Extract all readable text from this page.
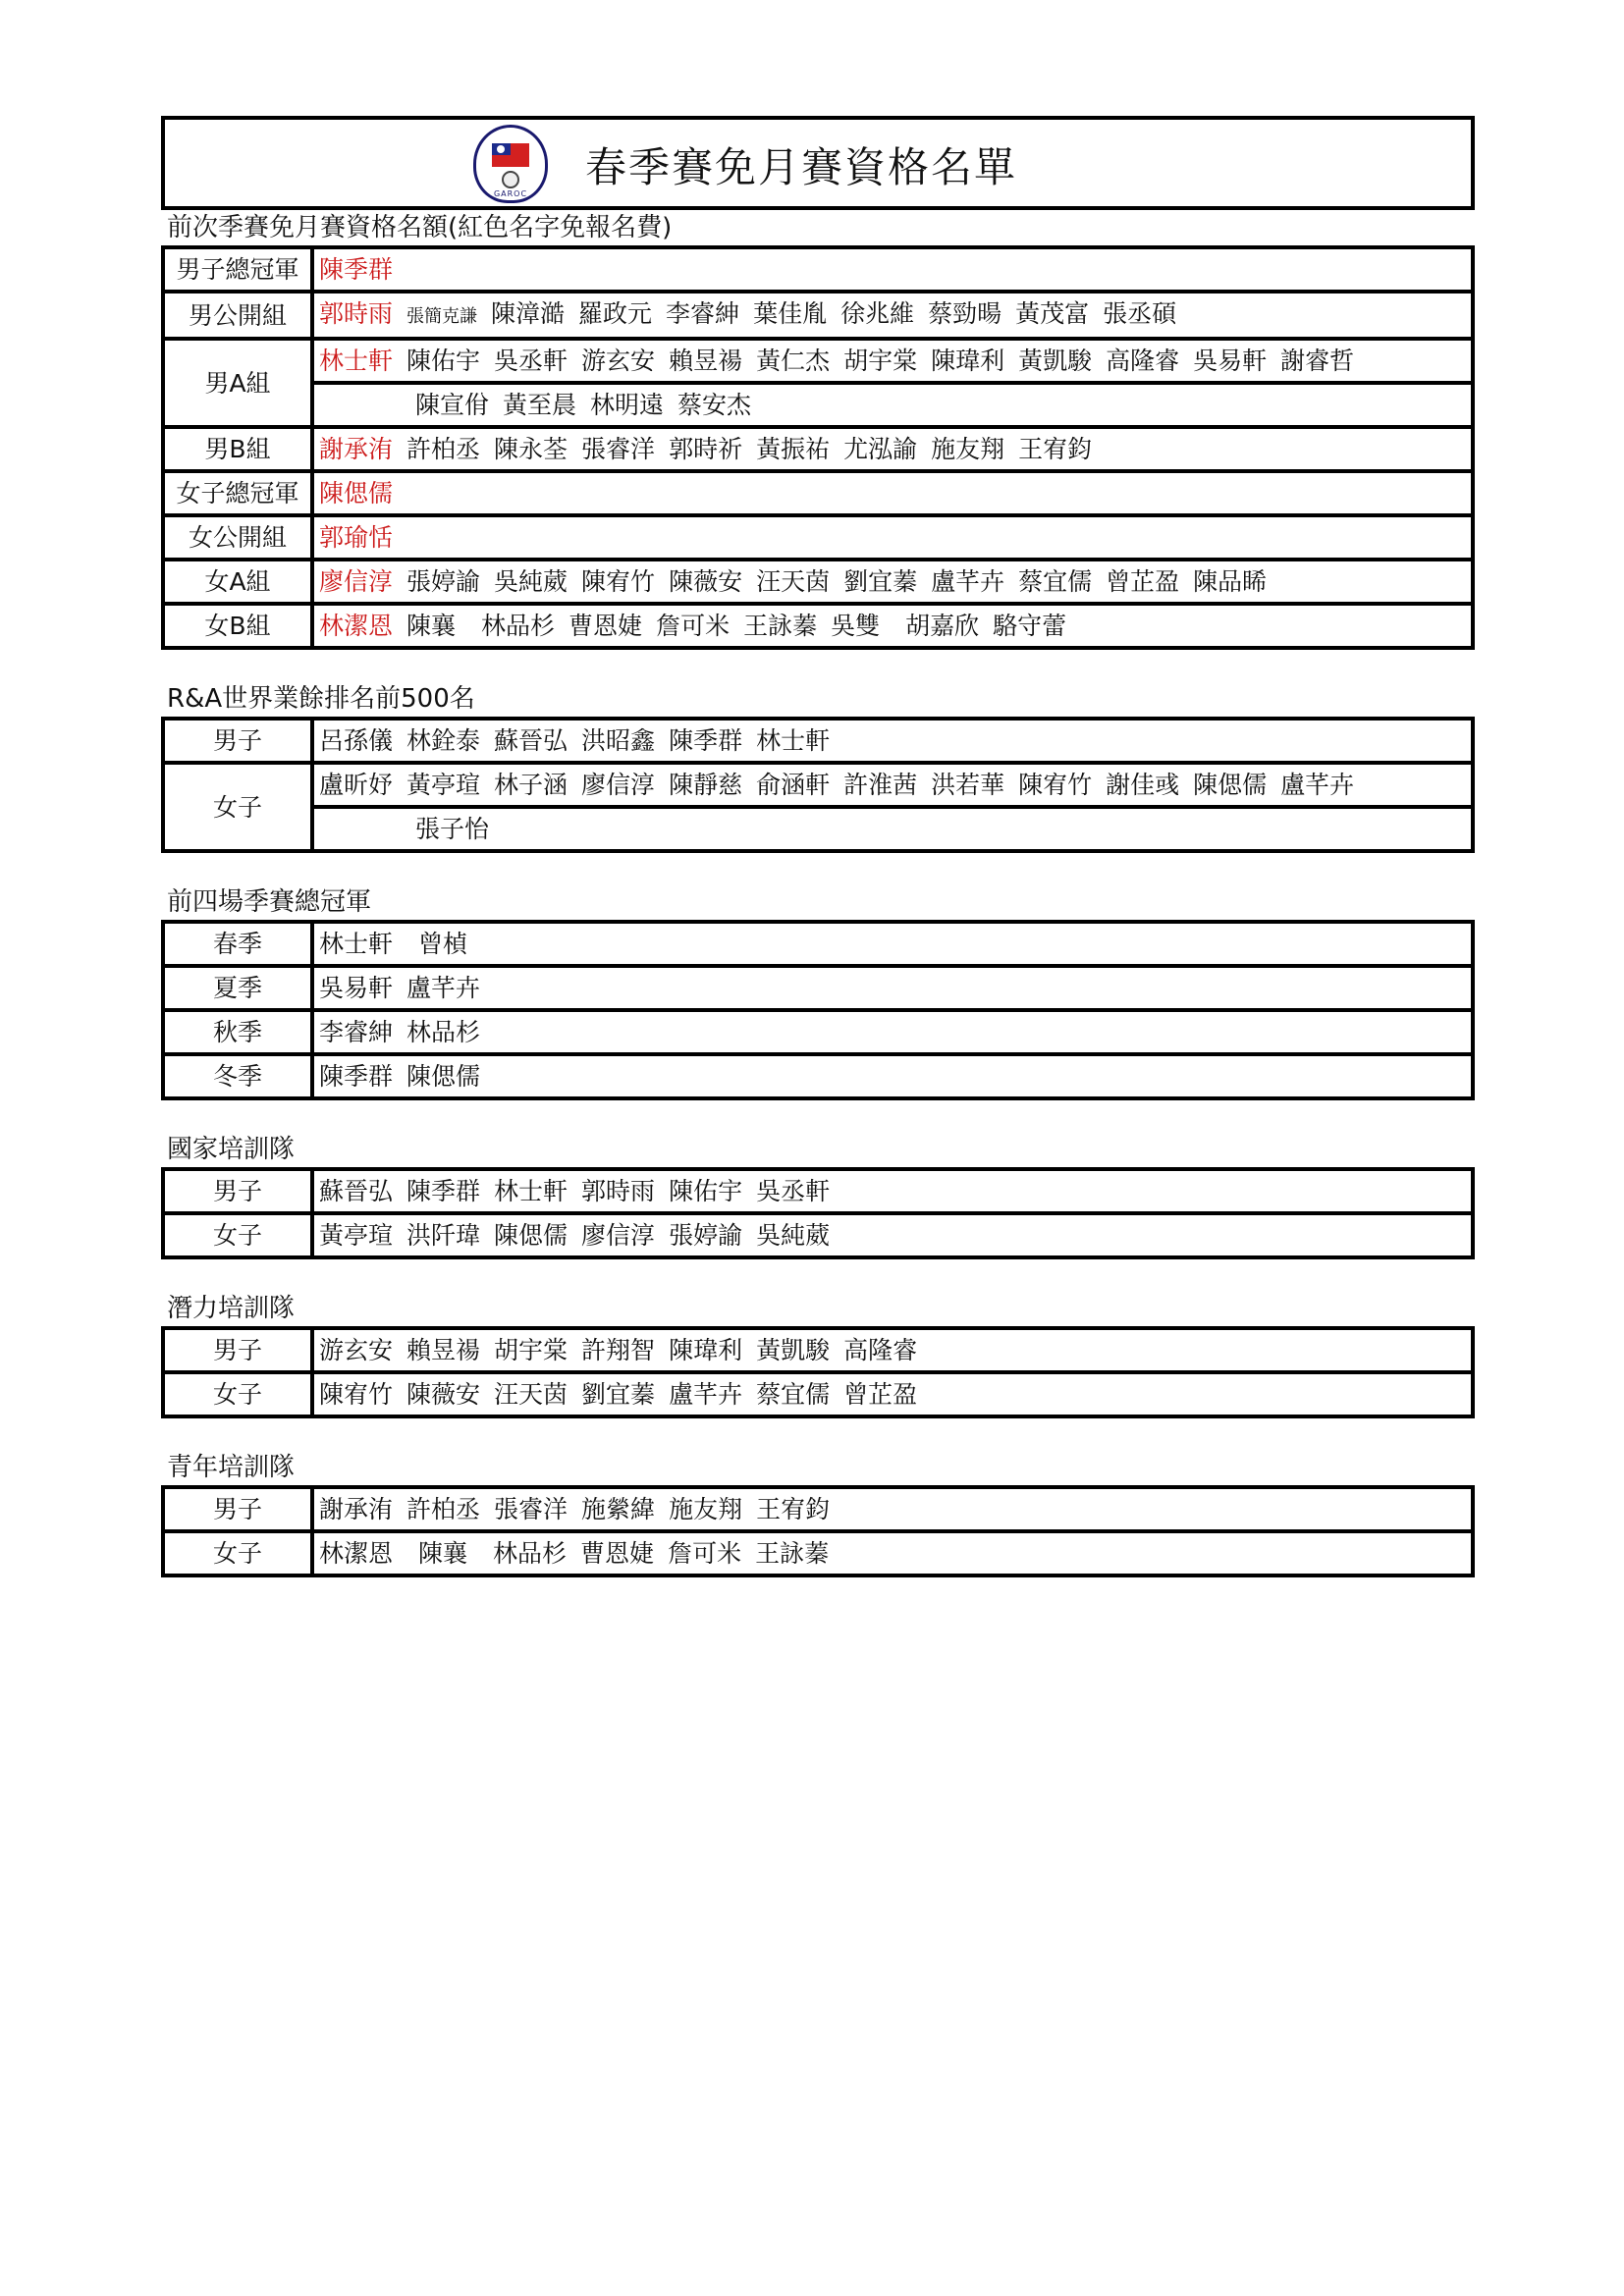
GAROC
春季賽免月賽資格名單
前次季賽免月賽資格名額(紅色名字免報名費)
男子總冠軍	陳季群
男公開組	郭時雨 張簡克謙 陳漳澔 羅政元 李睿紳 葉佳胤 徐兆維 蔡勁暘 黃茂富 張丞碩
男A組	林士軒 陳佑宇 吳丞軒 游玄安 賴昱禓 黃仁杰 胡宇棠 陳瑋利 黃凱駿 高隆睿 吳易軒 謝睿哲
	陳宣佾 黃至晨 林明遠 蔡安杰
男B組	謝承洧 許柏丞 陳永荃 張睿洋 郭時祈 黃振祐 尤泓諭 施友翔 王宥鈞
女子總冠軍	陳偲儒
女公開組	郭瑜恬
女A組	廖信淳 張婷諭 吳純葳 陳宥竹 陳薇安 汪天茵 劉宜蓁 盧芊卉 蔡宜儒 曾芷盈 陳品睎
女B組	林潔恩 陳襄 林品杉 曹恩婕 詹可米 王詠蓁 吳雙 胡嘉欣 駱守蕾
R&A世界業餘排名前500名
男子	呂孫儀 林銓泰 蘇晉弘 洪昭鑫 陳季群 林士軒
女子	盧昕妤 黃亭瑄 林子涵 廖信淳 陳靜慈 俞涵軒 許淮茜 洪若華 陳宥竹 謝佳彧 陳偲儒 盧芊卉
	張子怡
前四場季賽總冠軍
春季	林士軒 曾楨
夏季	吳易軒 盧芊卉
秋季	李睿紳 林品杉
冬季	陳季群 陳偲儒
國家培訓隊
男子	蘇晉弘 陳季群 林士軒 郭時雨 陳佑宇 吳丞軒
女子	黃亭瑄 洪阡瑋 陳偲儒 廖信淳 張婷諭 吳純葳
潛力培訓隊
男子	游玄安 賴昱禓 胡宇棠 許翔智 陳瑋利 黃凱駿 高隆睿
女子	陳宥竹 陳薇安 汪天茵 劉宜蓁 盧芊卉 蔡宜儒 曾芷盈
青年培訓隊
男子	謝承洧 許柏丞 張睿洋 施縈緯 施友翔 王宥鈞
女子	林潔恩 陳襄 林品杉 曹恩婕 詹可米 王詠蓁
